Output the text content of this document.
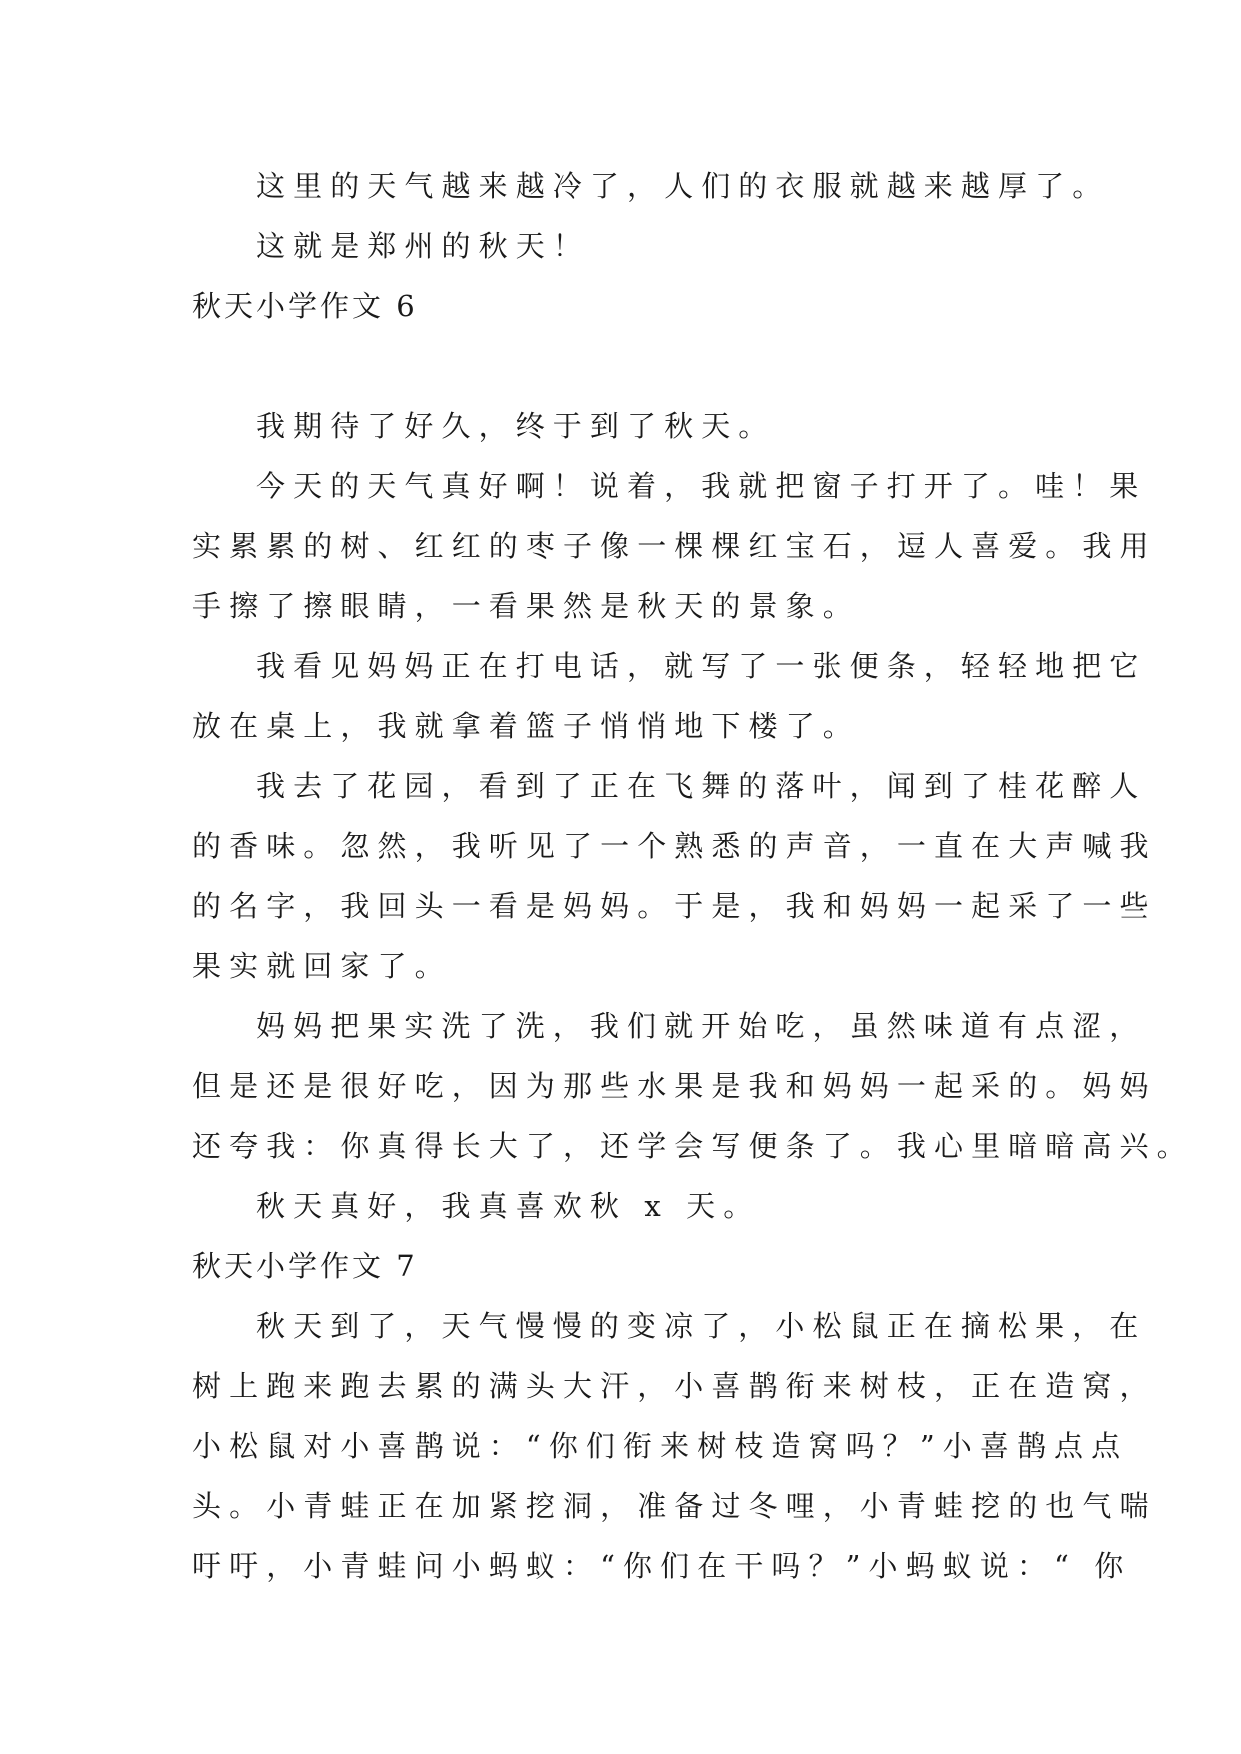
这里的天气越来越冷了，人们的衣服就越来越厚了。
这就是郑州的秋天！
秋天小学作文 6
我期待了好久，终于到了秋天。
今天的天气真好啊！说着，我就把窗子打开了。哇！果
实累累的树、红红的枣子像一棵棵红宝石，逗人喜爱。我用
手擦了擦眼睛，一看果然是秋天的景象。
我看见妈妈正在打电话，就写了一张便条，轻轻地把它
放在桌上，我就拿着篮子悄悄地下楼了。
我去了花园，看到了正在飞舞的落叶，闻到了桂花醉人
的香味。忽然，我听见了一个熟悉的声音，一直在大声喊我
的名字，我回头一看是妈妈。于是，我和妈妈一起采了一些
果实就回家了。
妈妈把果实洗了洗，我们就开始吃，虽然味道有点涩，
但是还是很好吃，因为那些水果是我和妈妈一起采的。妈妈
还夸我：你真得长大了，还学会写便条了。我心里暗暗高兴。
秋天真好，我真喜欢秋 x 天。
秋天小学作文 7
秋天到了，天气慢慢的变凉了，小松鼠正在摘松果，在
树上跑来跑去累的满头大汗，小喜鹊衔来树枝，正在造窝，
小松鼠对小喜鹊说：“你们衔来树枝造窝吗？”小喜鹊点点
头。小青蛙正在加紧挖洞，准备过冬哩，小青蛙挖的也气喘
吁吁，小青蛙问小蚂蚁：“你们在干吗？”小蚂蚁说：“ 你
